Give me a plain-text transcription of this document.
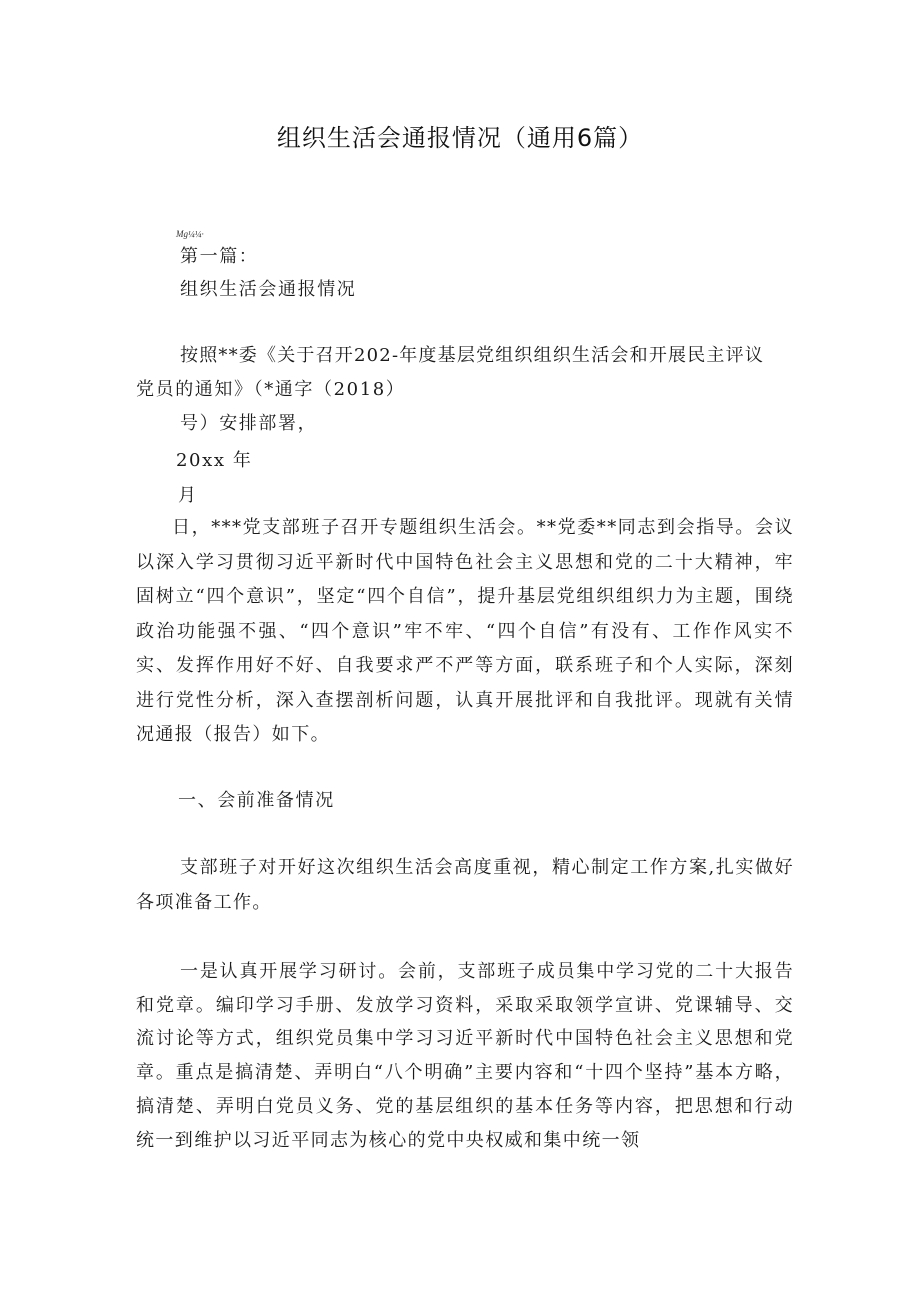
组织生活会通报情况（通用6篇）
Mg¼¼·
第一篇：
组织生活会通报情况
按照**委《关于召开202-年度基层党组织组织生活会和开展民主评议
党员的通知》（*通字（2018）
号）安排部署，
20xx 年
月
日，***党支部班子召开专题组织生活会。**党委**同志到会指导。会议以深入学习贯彻习近平新时代中国特色社会主义思想和党的二十大精神，牢固树立“四个意识”，坚定“四个自信”，提升基层党组织组织力为主题，围绕政治功能强不强、“四个意识”牢不牢、“四个自信”有没有、工作作风实不实、发挥作用好不好、自我要求严不严等方面，联系班子和个人实际，深刻进行党性分析，深入查摆剖析问题，认真开展批评和自我批评。现就有关情况通报（报告）如下。
一、会前准备情况
支部班子对开好这次组织生活会高度重视，精心制定工作方案,扎实做好各项准备工作。
一是认真开展学习研讨。会前，支部班子成员集中学习党的二十大报告和党章。编印学习手册、发放学习资料，采取采取领学宣讲、党课辅导、交流讨论等方式，组织党员集中学习习近平新时代中国特色社会主义思想和党章。重点是搞清楚、弄明白“八个明确”主要内容和“十四个坚持”基本方略，搞清楚、弄明白党员义务、党的基层组织的基本任务等内容，把思想和行动统一到维护以习近平同志为核心的党中央权威和集中统一领
